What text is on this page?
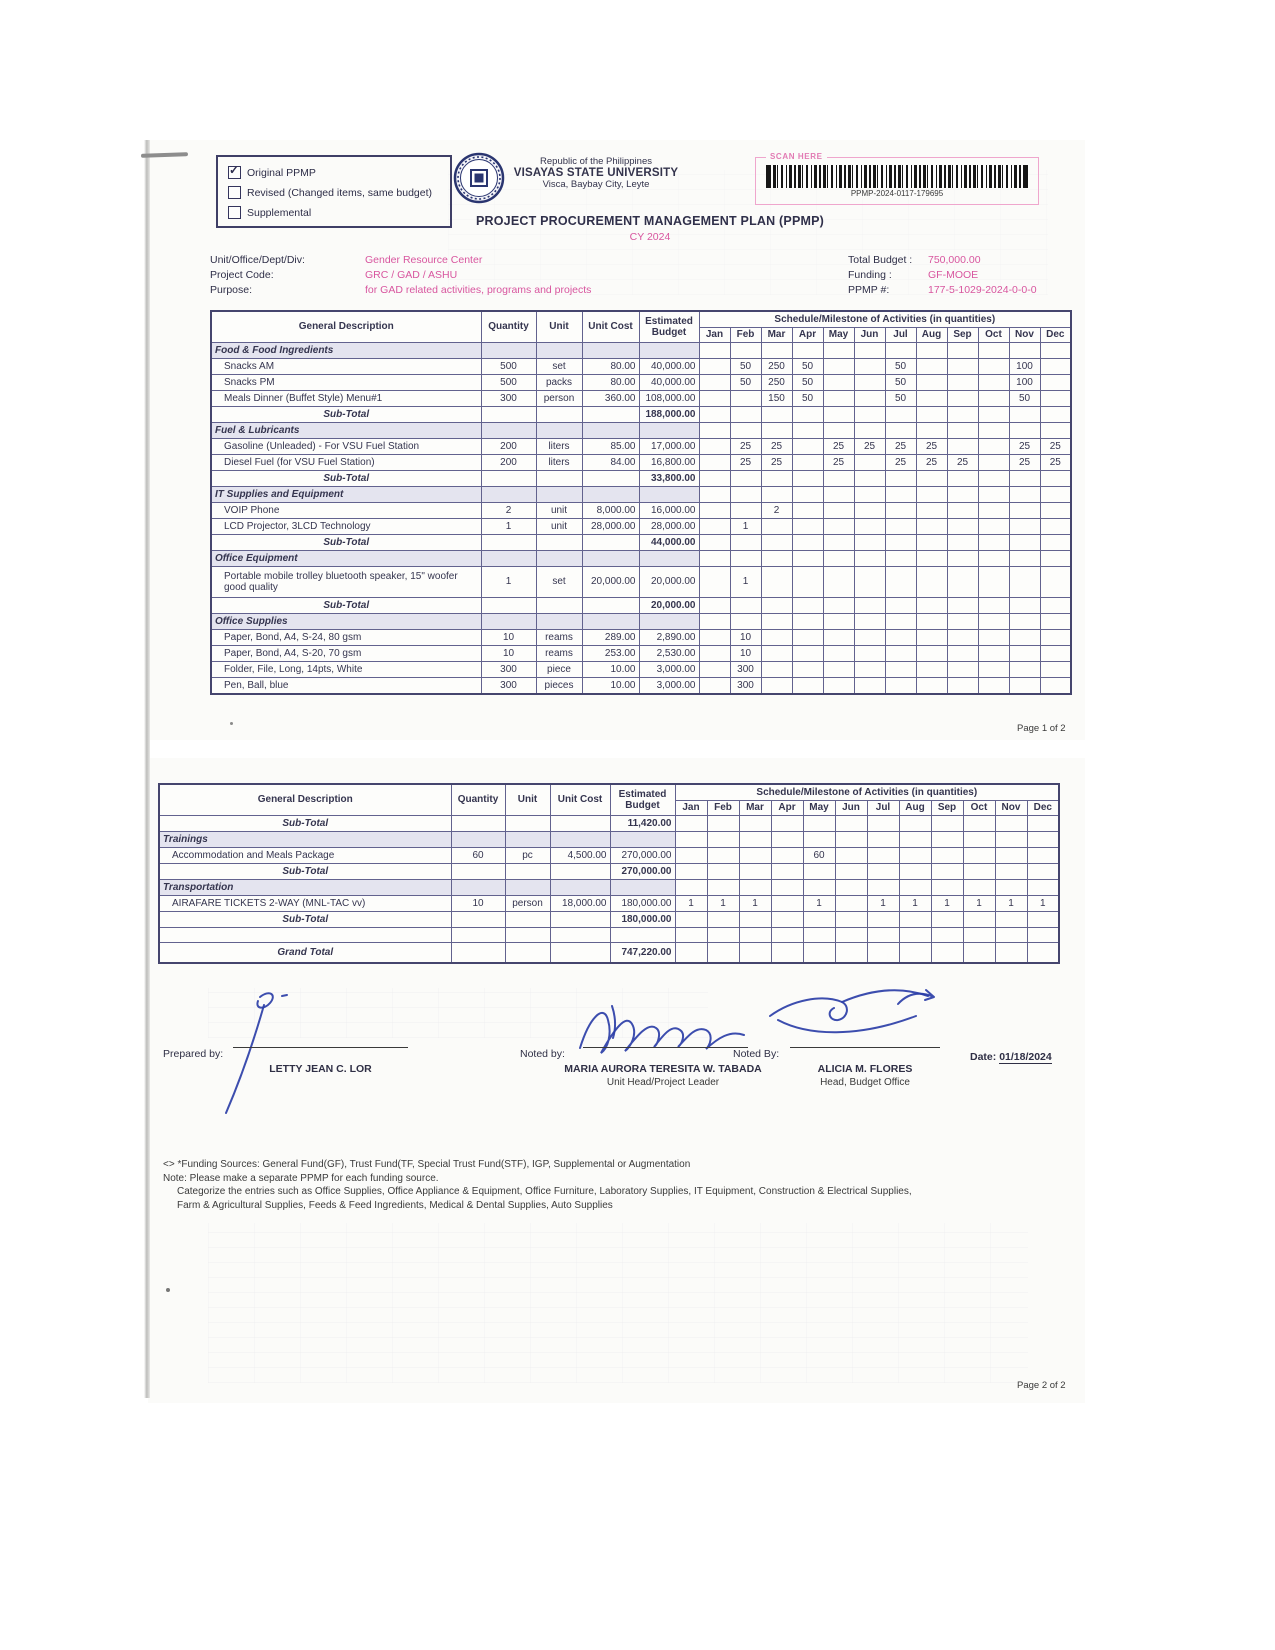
✓ Original PPMP
Revised (Changed items, same budget)
Supplemental
Republic of the Philippines
VISAYAS STATE UNIVERSITY
Visca, Baybay City, Leyte
SCAN HERE
PPMP-2024-0117-179695
PROJECT PROCUREMENT MANAGEMENT PLAN (PPMP)
CY 2024
Unit/Office/Dept/Div:	Gender Resource Center
Project Code:	GRC / GAD / ASHU
Purpose:	for GAD related activities, programs and projects
Total Budget :	750,000.00
Funding :	GF-MOOE
PPMP #:	177-5-1029-2024-0-0-0
General Description	Quantity	Unit	Unit Cost	Estimated Budget	Schedule/Milestone of Activities (in quantities)											
					Jan	Feb	Mar	Apr	May	Jun	Jul	Aug	Sep	Oct	Nov	Dec
Food & Food Ingredients																
Snacks AM	500	set	80.00	40,000.00		50	250	50			50				100	
Snacks PM	500	packs	80.00	40,000.00		50	250	50			50				100	
Meals Dinner (Buffet Style) Menu#1	300	person	360.00	108,000.00			150	50			50				50	
Sub-Total				188,000.00												
Fuel & Lubricants																
Gasoline (Unleaded) - For VSU Fuel Station	200	liters	85.00	17,000.00		25	25		25	25	25	25			25	25
Diesel Fuel (for VSU Fuel Station)	200	liters	84.00	16,800.00		25	25		25		25	25	25		25	25
Sub-Total				33,800.00												
IT Supplies and Equipment																
VOIP Phone	2	unit	8,000.00	16,000.00			2									
LCD Projector, 3LCD Technology	1	unit	28,000.00	28,000.00		1										
Sub-Total				44,000.00												
Office Equipment																
Portable mobile trolley bluetooth speaker, 15" woofer good quality	1	set	20,000.00	20,000.00		1										
Sub-Total				20,000.00												
Office Supplies																
Paper, Bond, A4, S-24, 80 gsm	10	reams	289.00	2,890.00		10										
Paper, Bond, A4, S-20, 70 gsm	10	reams	253.00	2,530.00		10										
Folder, File, Long, 14pts, White	300	piece	10.00	3,000.00		300										
Pen, Ball, blue	300	pieces	10.00	3,000.00		300										
Page 1 of 2
General Description	Quantity	Unit	Unit Cost	Estimated Budget	Schedule/Milestone of Activities (in quantities)											
					Jan	Feb	Mar	Apr	May	Jun	Jul	Aug	Sep	Oct	Nov	Dec
Sub-Total				11,420.00												
Trainings																
Accommodation and Meals Package	60	pc	4,500.00	270,000.00					60							
Sub-Total				270,000.00												
Transportation																
AIRAFARE TICKETS 2-WAY (MNL-TAC vv)	10	person	18,000.00	180,000.00	1	1	1		1		1	1	1	1	1	1
Sub-Total				180,000.00												

Grand Total				747,220.00												
Prepared by:
LETTY JEAN C. LOR
Noted by:
MARIA AURORA TERESITA W. TABADA
Unit Head/Project Leader
Noted By:
ALICIA M. FLORES
Head, Budget Office
Date: 01/18/2024
<> *Funding Sources: General Fund(GF), Trust Fund(TF, Special Trust Fund(STF), IGP, Supplemental or Augmentation
Note: Please make a separate PPMP for each funding source.
Categorize the entries such as Office Supplies, Office Appliance & Equipment, Office Furniture, Laboratory Supplies, IT Equipment, Construction & Electrical Supplies,
Farm & Agricultural Supplies, Feeds & Feed Ingredients, Medical & Dental Supplies, Auto Supplies
Page 2 of 2
